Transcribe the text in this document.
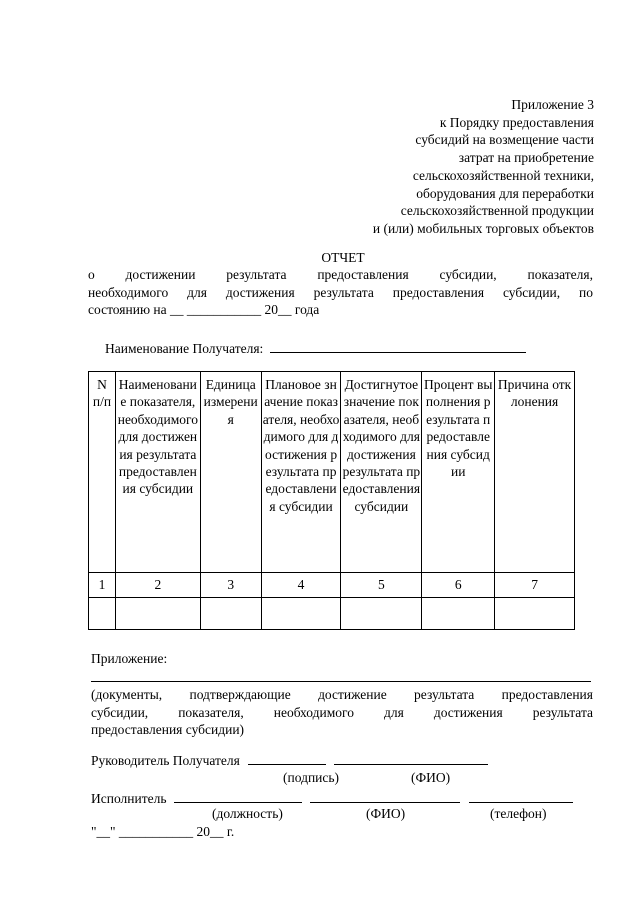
Приложение 3
к Порядку предоставления
субсидий на возмещение части
затрат на приобретение
сельскохозяйственной техники,
оборудования для переработки
сельскохозяйственной продукции
и (или) мобильных торговых объектов
ОТЧЕТ
о достижении результата предоставления субсидии, показателя,
необходимого для достижения результата предоставления субсидии, по
состоянию на __ ___________ 20__ года
Наименование Получателя:
N п/п	Наименование показателя, необходимого для достижения результата предоставления субсидии	Единица измерения	Плановое значение показателя, необходимого для достижения результата предоставления субсидии	Достигнутое значение показателя, необходимого для достижения результата предоставления субсидии	Процент выполнения результата предоставления субсидии	Причина отклонения
1	2	3	4	5	6	7

Приложение:
(документы, подтверждающие достижение результата предоставления
субсидии, показателя, необходимого для достижения результата
предоставления субсидии)
Руководитель Получателя
(подпись)	(ФИО)
Исполнитель
(должность)	(ФИО)	(телефон)
"__" ___________ 20__ г.
